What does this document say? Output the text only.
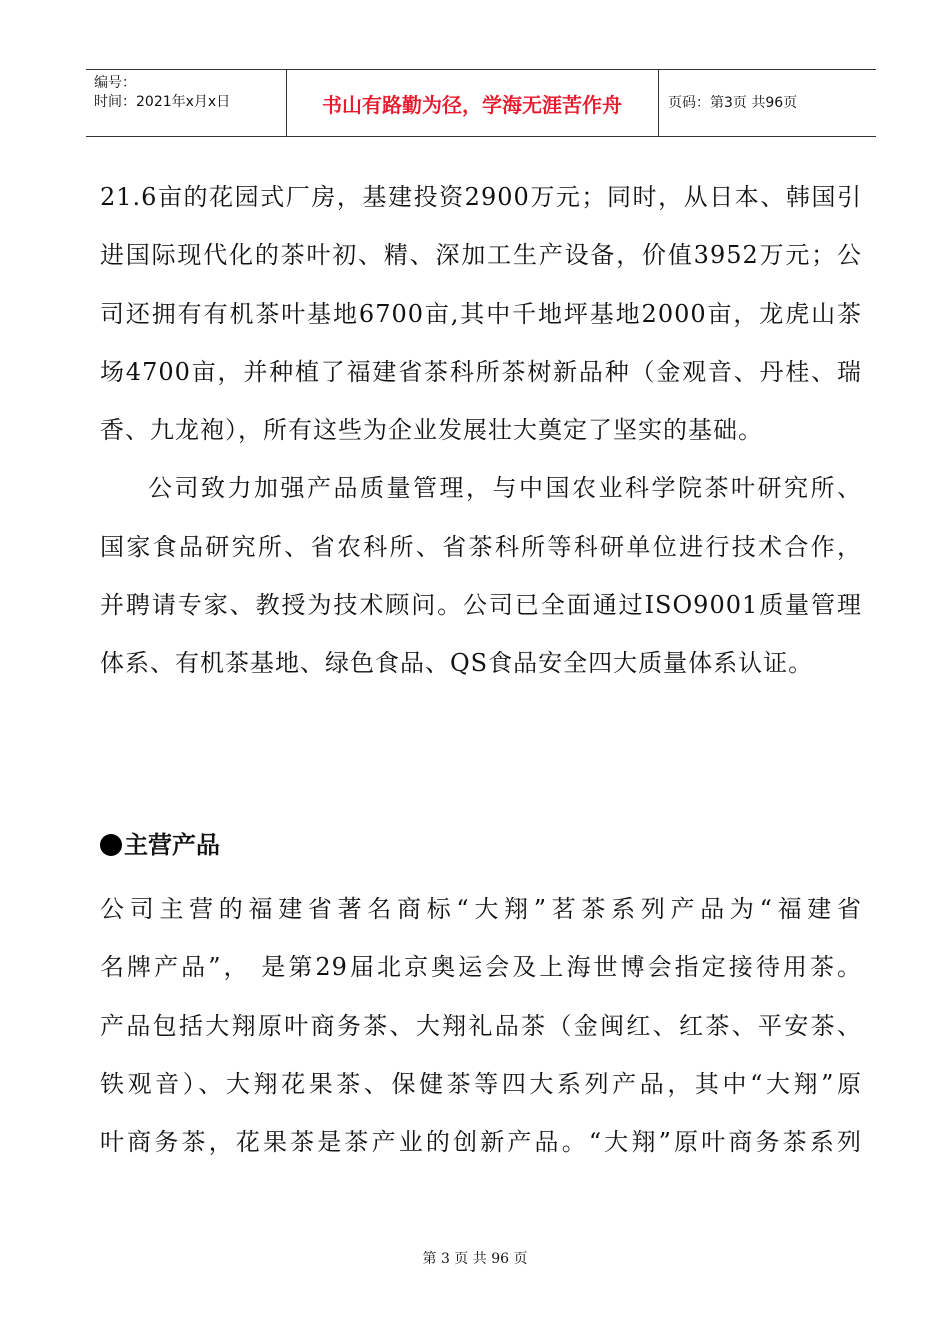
编号：
时间：2021年x月x日	书山有路勤为径，学海无涯苦作舟	页码：第3页 共96页

21.6亩的花园式厂房，基建投资2900万元；同时，从日本、韩国引

进国际现代化的茶叶初、精、深加工生产设备，价值3952万元；公

司还拥有有机茶叶基地6700亩,其中千地坪基地2000亩，龙虎山茶

场4700亩，并种植了福建省茶科所茶树新品种（金观音、丹桂、瑞

香、九龙袍），所有这些为企业发展壮大奠定了坚实的基础。

公司致力加强产品质量管理，与中国农业科学院茶叶研究所、

国家食品研究所、省农科所、省茶科所等科研单位进行技术合作，

并聘请专家、教授为技术顾问。公司已全面通过ISO9001质量管理

体系、有机茶基地、绿色食品、QS食品安全四大质量体系认证。

主营产品

公司主营的福建省著名商标“大翔”茗茶系列产品为“福建省

名牌产品”， 是第29届北京奥运会及上海世博会指定接待用茶。

产品包括大翔原叶商务茶、大翔礼品茶（金闽红、红茶、平安茶、

铁观音）、大翔花果茶、保健茶等四大系列产品，其中“大翔”原

叶商务茶，花果茶是茶产业的创新产品。“大翔”原叶商务茶系列

第 3 页 共 96 页
